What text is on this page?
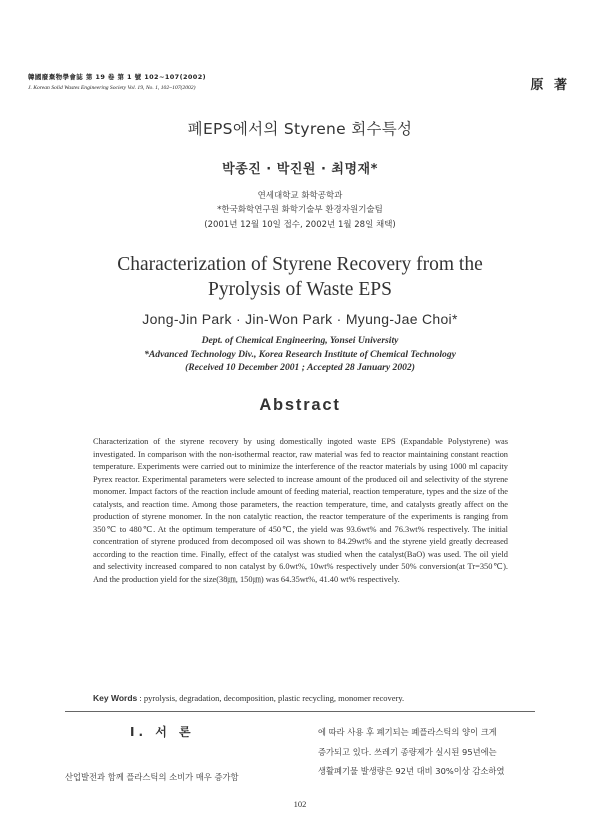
韓國廢棄物學會誌 第 19 卷 第 1 號 102~107(2002)
J. Korean Solid Wastes Engineering Society Vol. 19, No. 1, 102~107(2002)	原 著
폐EPS에서의 Styrene 회수특성
박종진 · 박진원 · 최명재*
연세대학교 화학공학과
*한국화학연구원 화학기술부 환경자원기술팀
(2001년 12월 10일 접수, 2002년 1월 28일 채택)
Characterization of Styrene Recovery from the
Pyrolysis of Waste EPS
Jong-Jin Park · Jin-Won Park · Myung-Jae Choi*
Dept. of Chemical Engineering, Yonsei University
*Advanced Technology Div., Korea Research Institute of Chemical Technology
(Received 10 December 2001 ; Accepted 28 January 2002)
Abstract
Characterization of the styrene recovery by using domestically ingoted waste EPS (Expandable Polystyrene) was investigated. In comparison with the non-isothermal reactor, raw material was fed to reactor maintaining constant reaction temperature. Experiments were carried out to minimize the interference of the reactor materials by using 1000 ml capacity Pyrex reactor. Experimental parameters were selected to increase amount of the produced oil and selectivity of the styrene monomer. Impact factors of the reaction include amount of feeding material, reaction temperature, types and the size of the catalysts, and reaction time. Among those parameters, the reaction temperature, time, and catalysts greatly affect on the production of styrene monomer. In the non catalytic reaction, the reactor temperature of the experiments is ranging from 350℃ to 480℃. At the optimum temperature of 450℃, the yield was 93.6wt% and 76.3wt% respectively. The initial concentration of styrene produced from decomposed oil was shown to 84.29wt% and the styrene yield greatly decreased according to the reaction time. Finally, effect of the catalyst was studied when the catalyst(BaO) was used. The oil yield and selectivity increased compared to non catalyst by 6.0wt%, 10wt% respectively under 50% conversion(at Tr=350℃). And the production yield for the size(38㎛, 150㎛) was 64.35wt%, 41.40 wt% respectively.
Key Words : pyrolysis, degradation, decomposition, plastic recycling, monomer recovery.
I. 서 론
산업발전과 함께 플라스틱의 소비가 매우 증가함
에 따라 사용 후 폐기되는 폐플라스틱의 양이 크게
증가되고 있다. 쓰레기 종량제가 실시된 95년에는
생활폐기물 발생량은 92년 대비 30%이상 감소하였
102
